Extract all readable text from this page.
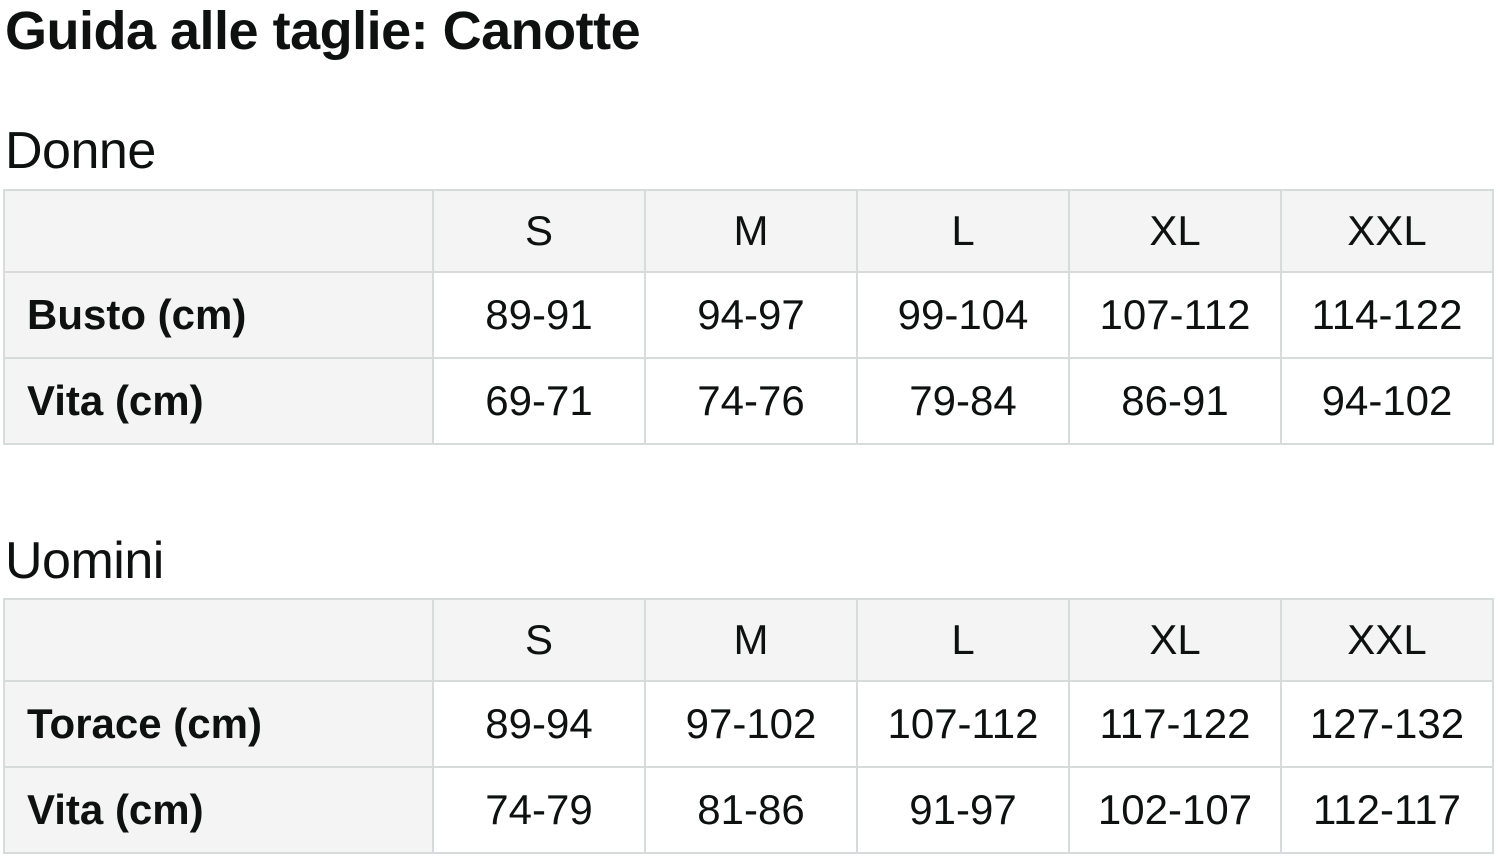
Guida alle taglie: Canotte
Donne
	S	M	L	XL	XXL
Busto (cm)	89-91	94-97	99-104	107-112	114-122
Vita (cm)	69-71	74-76	79-84	86-91	94-102
Uomini
	S	M	L	XL	XXL
Torace (cm)	89-94	97-102	107-112	117-122	127-132
Vita (cm)	74-79	81-86	91-97	102-107	112-117
